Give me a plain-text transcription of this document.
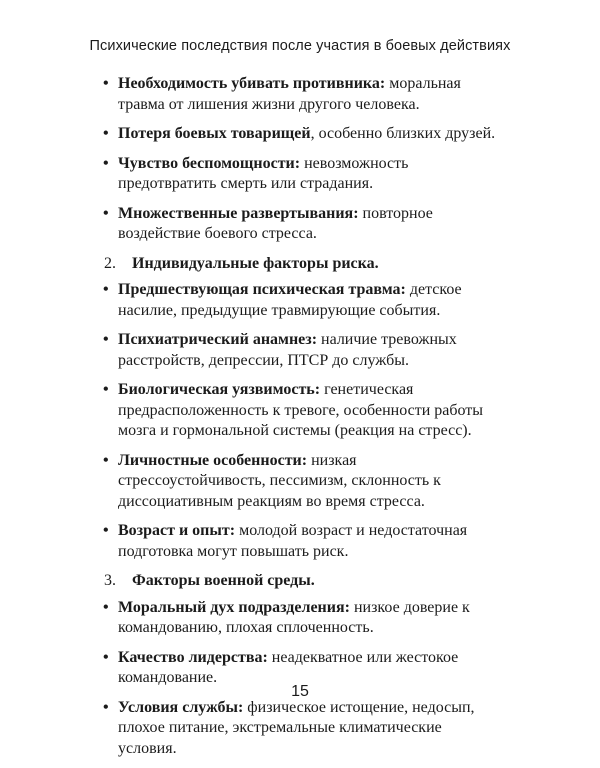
Психические последствия после участия в боевых действиях
• Необходимость убивать противника: моральная травма от лишения жизни другого человека.
• Потеря боевых товарищей, особенно близких друзей.
• Чувство беспомощности: невозможность предотвратить смерть или страдания.
• Множественные развертывания: повторное воздействие боевого стресса.
2. Индивидуальные факторы риска.
• Предшествующая психическая травма: детское насилие, предыдущие травмирующие события.
• Психиатрический анамнез: наличие тревожных расстройств, депрессии, ПТСР до службы.
• Биологическая уязвимость: генетическая предрасположенность к тревоге, особенности работы мозга и гормональной системы (реакция на стресс).
• Личностные особенности: низкая стрессоустойчивость, пессимизм, склонность к диссоциативным реакциям во время стресса.
• Возраст и опыт: молодой возраст и недостаточная подготовка могут повышать риск.
3. Факторы военной среды.
• Моральный дух подразделения: низкое доверие к командованию, плохая сплоченность.
• Качество лидерства: неадекватное или жестокое командование.
• Условия службы: физическое истощение, недосып, плохое питание, экстремальные климатические условия.
15
